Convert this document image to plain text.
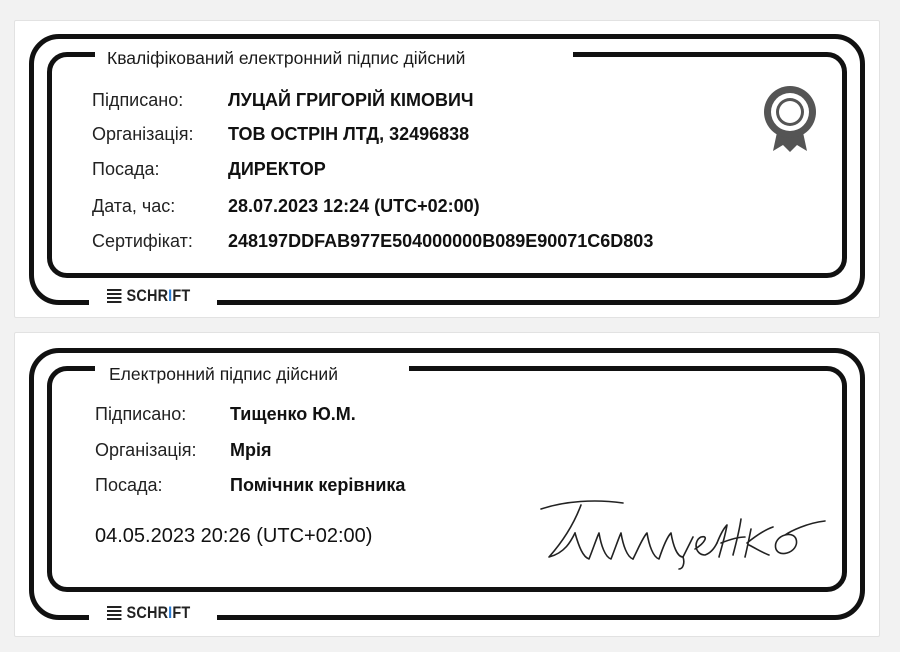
Кваліфікований електронний підпис дійсний
Підписано: ЛУЦАЙ ГРИГОРІЙ КІМОВИЧ
Організація: ТОВ ОСТРІН ЛТД, 32496838
Посада:	ДИРЕКТОР
Дата, час:	28.07.2023 12:24 (UTC+02:00)
Сертифікат: 248197DDFAB977E504000000B089E90071C6D803
SCHRIFT
Електронний підпис дійсний
Підписано: Тищенко Ю.М.
Організація: Мрія
Посада:	Помічник керівника
04.05.2023 20:26 (UTC+02:00)
SCHRIFT
